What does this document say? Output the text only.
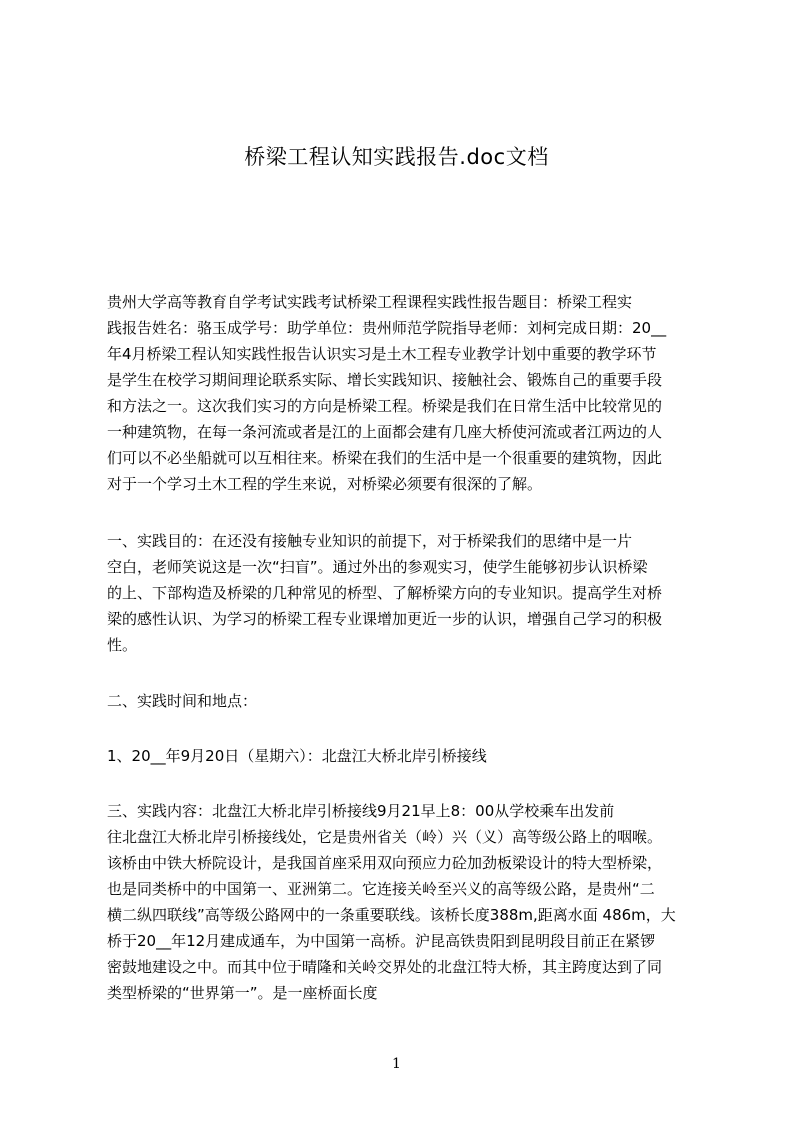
桥梁工程认知实践报告.doc文档
贵州大学高等教育自学考试实践考试桥梁工程课程实践性报告题目：桥梁工程实
践报告姓名：骆玉成学号：助学单位：贵州师范学院指导老师：刘柯完成日期：20__
年4月桥梁工程认知实践性报告认识实习是土木工程专业教学计划中重要的教学环节
是学生在校学习期间理论联系实际、增长实践知识、接触社会、锻炼自己的重要手段
和方法之一。这次我们实习的方向是桥梁工程。桥梁是我们在日常生活中比较常见的
一种建筑物，在每一条河流或者是江的上面都会建有几座大桥使河流或者江两边的人
们可以不必坐船就可以互相往来。桥梁在我们的生活中是一个很重要的建筑物，因此
对于一个学习土木工程的学生来说，对桥梁必须要有很深的了解。
一、实践目的：在还没有接触专业知识的前提下，对于桥梁我们的思绪中是一片
空白，老师笑说这是一次“扫盲”。通过外出的参观实习，使学生能够初步认识桥梁
的上、下部构造及桥梁的几种常见的桥型、了解桥梁方向的专业知识。提高学生对桥
梁的感性认识、为学习的桥梁工程专业课增加更近一步的认识，增强自己学习的积极
性。
二、实践时间和地点：
1、20__年9月20日（星期六）：北盘江大桥北岸引桥接线
三、实践内容：北盘江大桥北岸引桥接线9月21早上8：00从学校乘车出发前
往北盘江大桥北岸引桥接线处，它是贵州省关（岭）兴（义）高等级公路上的咽喉。
该桥由中铁大桥院设计，是我国首座采用双向预应力砼加劲板梁设计的特大型桥梁，
也是同类桥中的中国第一、亚洲第二。它连接关岭至兴义的高等级公路，是贵州“二
横二纵四联线”高等级公路网中的一条重要联线。该桥长度388m,距离水面 486m，大
桥于20__年12月建成通车，为中国第一高桥。沪昆高铁贵阳到昆明段目前正在紧锣
密鼓地建设之中。而其中位于晴隆和关岭交界处的北盘江特大桥，其主跨度达到了同
类型桥梁的“世界第一”。是一座桥面长度
1
